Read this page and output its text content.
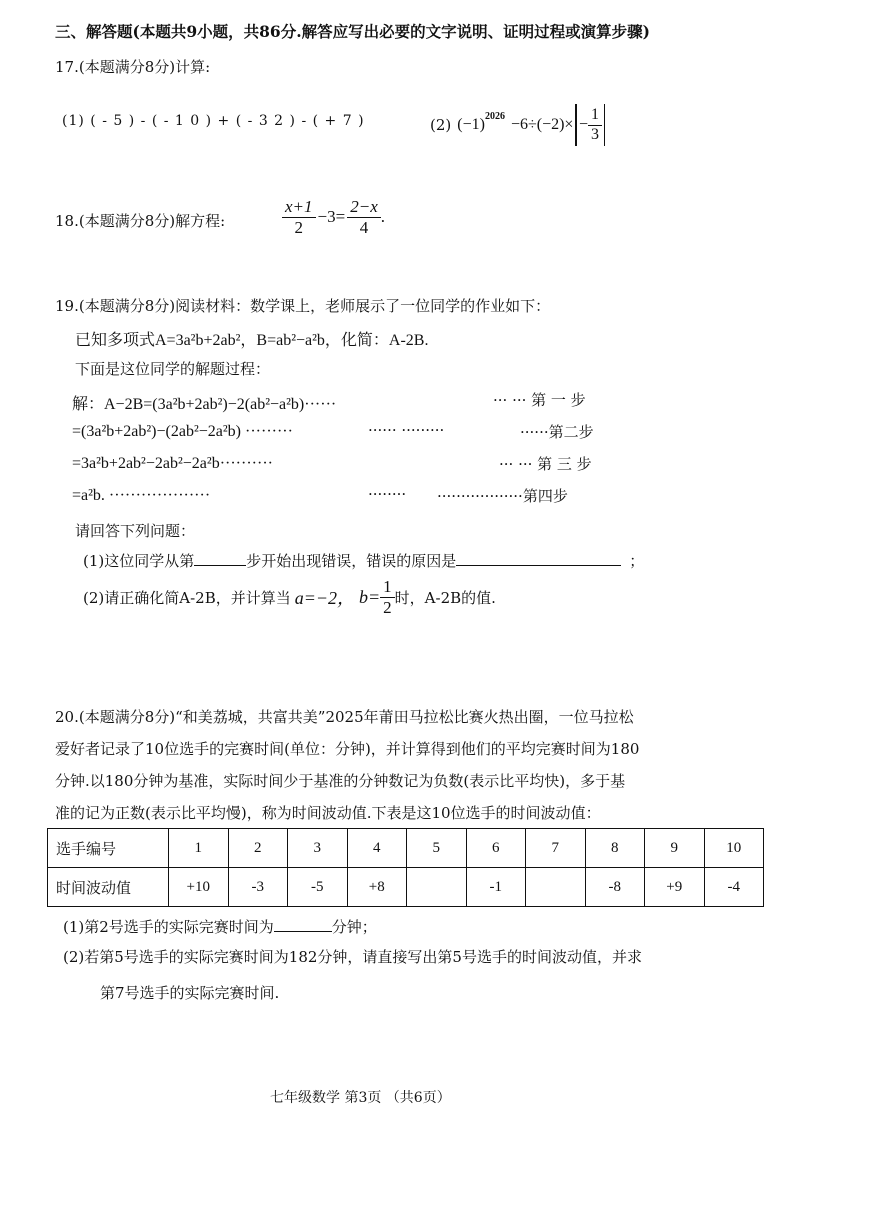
三、解答题(本题共9小题，共86分.解答应写出必要的文字说明、证明过程或演算步骤)
17.(本题满分8分)计算:
(1) ( - 5 ) - ( - 1 0 ) + ( - 3 2 ) - ( + 7 )	(2) $(-1)^{2026} -6\div(-2)\times - \frac{1}{3}$
18.(本题满分8分)解方程:	$\frac{x+1}{2} -3= \frac{2-x}{4}$ .
19.(本题满分8分)阅读材料：数学课上，老师展示了一位同学的作业如下：
已知多项式A=3a²b+2ab²，B=ab²−a²b，化简：A-2B.
下面是这位同学的解题过程：
解：A−2B=(3a²b+2ab²)−2(ab²−a²b)······	··· ··· 第 一 步
=(3a²b+2ab²)−(2ab²−2a²b) ·········	······ ·········	······第二步
=3a²b+2ab²−2ab²−2a²b··········	··· ··· 第 三 步
=a²b. ···················	········ ··················第四步
请回答下列问题：
(1)这位同学从第	步开始出现错误，错误的原因是	；
(2)请正确化简A-2B，并计算当 a=−2， $b= \frac{1}{2}$ 时，A-2B的值.
20.(本题满分8分)“和美荔城，共富共美”2025年莆田马拉松比赛火热出圈，一位马拉松
爱好者记录了10位选手的完赛时间(单位：分钟)，并计算得到他们的平均完赛时间为180
分钟.以180分钟为基准，实际时间少于基准的分钟数记为负数(表示比平均快)，多于基
准的记为正数(表示比平均慢)，称为时间波动值.下表是这10位选手的时间波动值：
选手编号	1	2	3	4	5	6	7	8	9	10
时间波动值	+10	-3	-5	+8		-1		-8	+9	-4
(1)第2号选手的实际完赛时间为	分钟；
(2)若第5号选手的实际完赛时间为182分钟，请直接写出第5号选手的时间波动值，并求
第7号选手的实际完赛时间.
七年级数学 第3页 （共6页）
